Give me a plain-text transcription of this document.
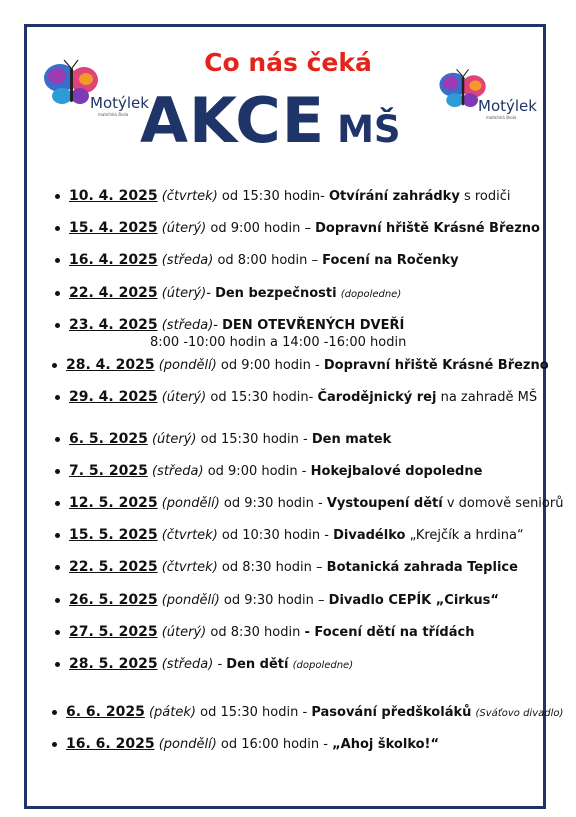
Motýlek
mateřská škola	Motýlek
mateřská škola
Co nás čeká
AKCE MŠ
10. 4. 2025 (čtvrtek) od 15:30 hodin- Otvírání zahrádky s rodiči
15. 4. 2025 (úterý) od 9:00 hodin – Dopravní hřiště Krásné Březno
16. 4. 2025 (středa) od 8:00 hodin – Focení na Ročenky
22. 4. 2025 (úterý)- Den bezpečnosti (dopoledne)
23. 4. 2025 (středa)- DEN OTEVŘENÝCH DVEŘÍ
8:00 -10:00 hodin a 14:00 -16:00 hodin
28. 4. 2025 (pondělí) od 9:00 hodin - Dopravní hřiště Krásné Březno
29. 4. 2025 (úterý) od 15:30 hodin- Čarodějnický rej na zahradě MŠ
6. 5. 2025 (úterý) od 15:30 hodin - Den matek
7. 5. 2025 (středa) od 9:00 hodin - Hokejbalové dopoledne
12. 5. 2025 (pondělí) od 9:30 hodin - Vystoupení dětí v domově seniorů
15. 5. 2025 (čtvrtek) od 10:30 hodin - Divadélko „Krejčík a hrdina“
22. 5. 2025 (čtvrtek) od 8:30 hodin – Botanická zahrada Teplice
26. 5. 2025 (pondělí) od 9:30 hodin – Divadlo CEPÍK „Cirkus“
27. 5. 2025 (úterý) od 8:30 hodin - Focení dětí na třídách
28. 5. 2025 (středa) - Den dětí (dopoledne)
6. 6. 2025 (pátek) od 15:30 hodin - Pasování předškoláků (Sváťovo divadlo)
16. 6. 2025 (pondělí) od 16:00 hodin - „Ahoj školko!“
